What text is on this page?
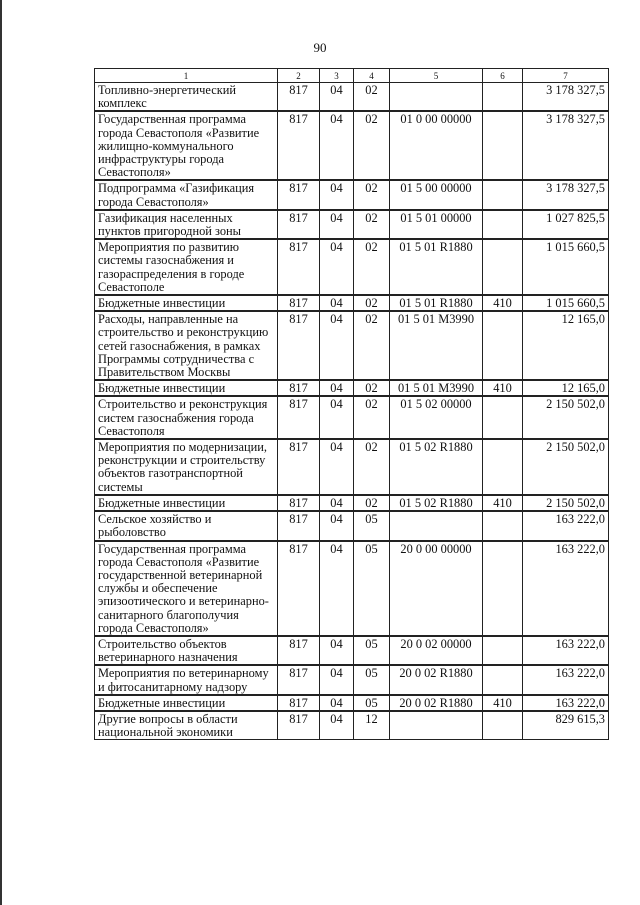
90
1	2	3	4	5	6	7
Топливно-энергетический комплекс	817	04	02			3 178 327,5
Государственная программа города Севастополя «Развитие жилищно-коммунального инфраструктуры города Севастополя»	817	04	02	01 0 00 00000		3 178 327,5
Подпрограмма «Газификация города Севастополя»	817	04	02	01 5 00 00000		3 178 327,5
Газификация населенных пунктов пригородной зоны	817	04	02	01 5 01 00000		1 027 825,5
Мероприятия по развитию системы газоснабжения и газораспределения в городе Севастополе	817	04	02	01 5 01 R1880		1 015 660,5
Бюджетные инвестиции	817	04	02	01 5 01 R1880	410	1 015 660,5
Расходы, направленные на строительство и реконструкцию сетей газоснабжения, в рамках Программы сотрудничества с Правительством Москвы	817	04	02	01 5 01 M3990		12 165,0
Бюджетные инвестиции	817	04	02	01 5 01 M3990	410	12 165,0
Строительство и реконструкция систем газоснабжения города Севастополя	817	04	02	01 5 02 00000		2 150 502,0
Мероприятия по модернизации, реконструкции и строительству объектов газотранспортной системы	817	04	02	01 5 02 R1880		2 150 502,0
Бюджетные инвестиции	817	04	02	01 5 02 R1880	410	2 150 502,0
Сельское хозяйство и рыболовство	817	04	05			163 222,0
Государственная программа города Севастополя «Развитие государственной ветеринарной службы и обеспечение эпизоотического и ветеринарно-санитарного благополучия города Севастополя»	817	04	05	20 0 00 00000		163 222,0
Строительство объектов ветеринарного назначения	817	04	05	20 0 02 00000		163 222,0
Мероприятия по ветеринарному и фитосанитарному надзору	817	04	05	20 0 02 R1880		163 222,0
Бюджетные инвестиции	817	04	05	20 0 02 R1880	410	163 222,0
Другие вопросы в области национальной экономики	817	04	12			829 615,3
